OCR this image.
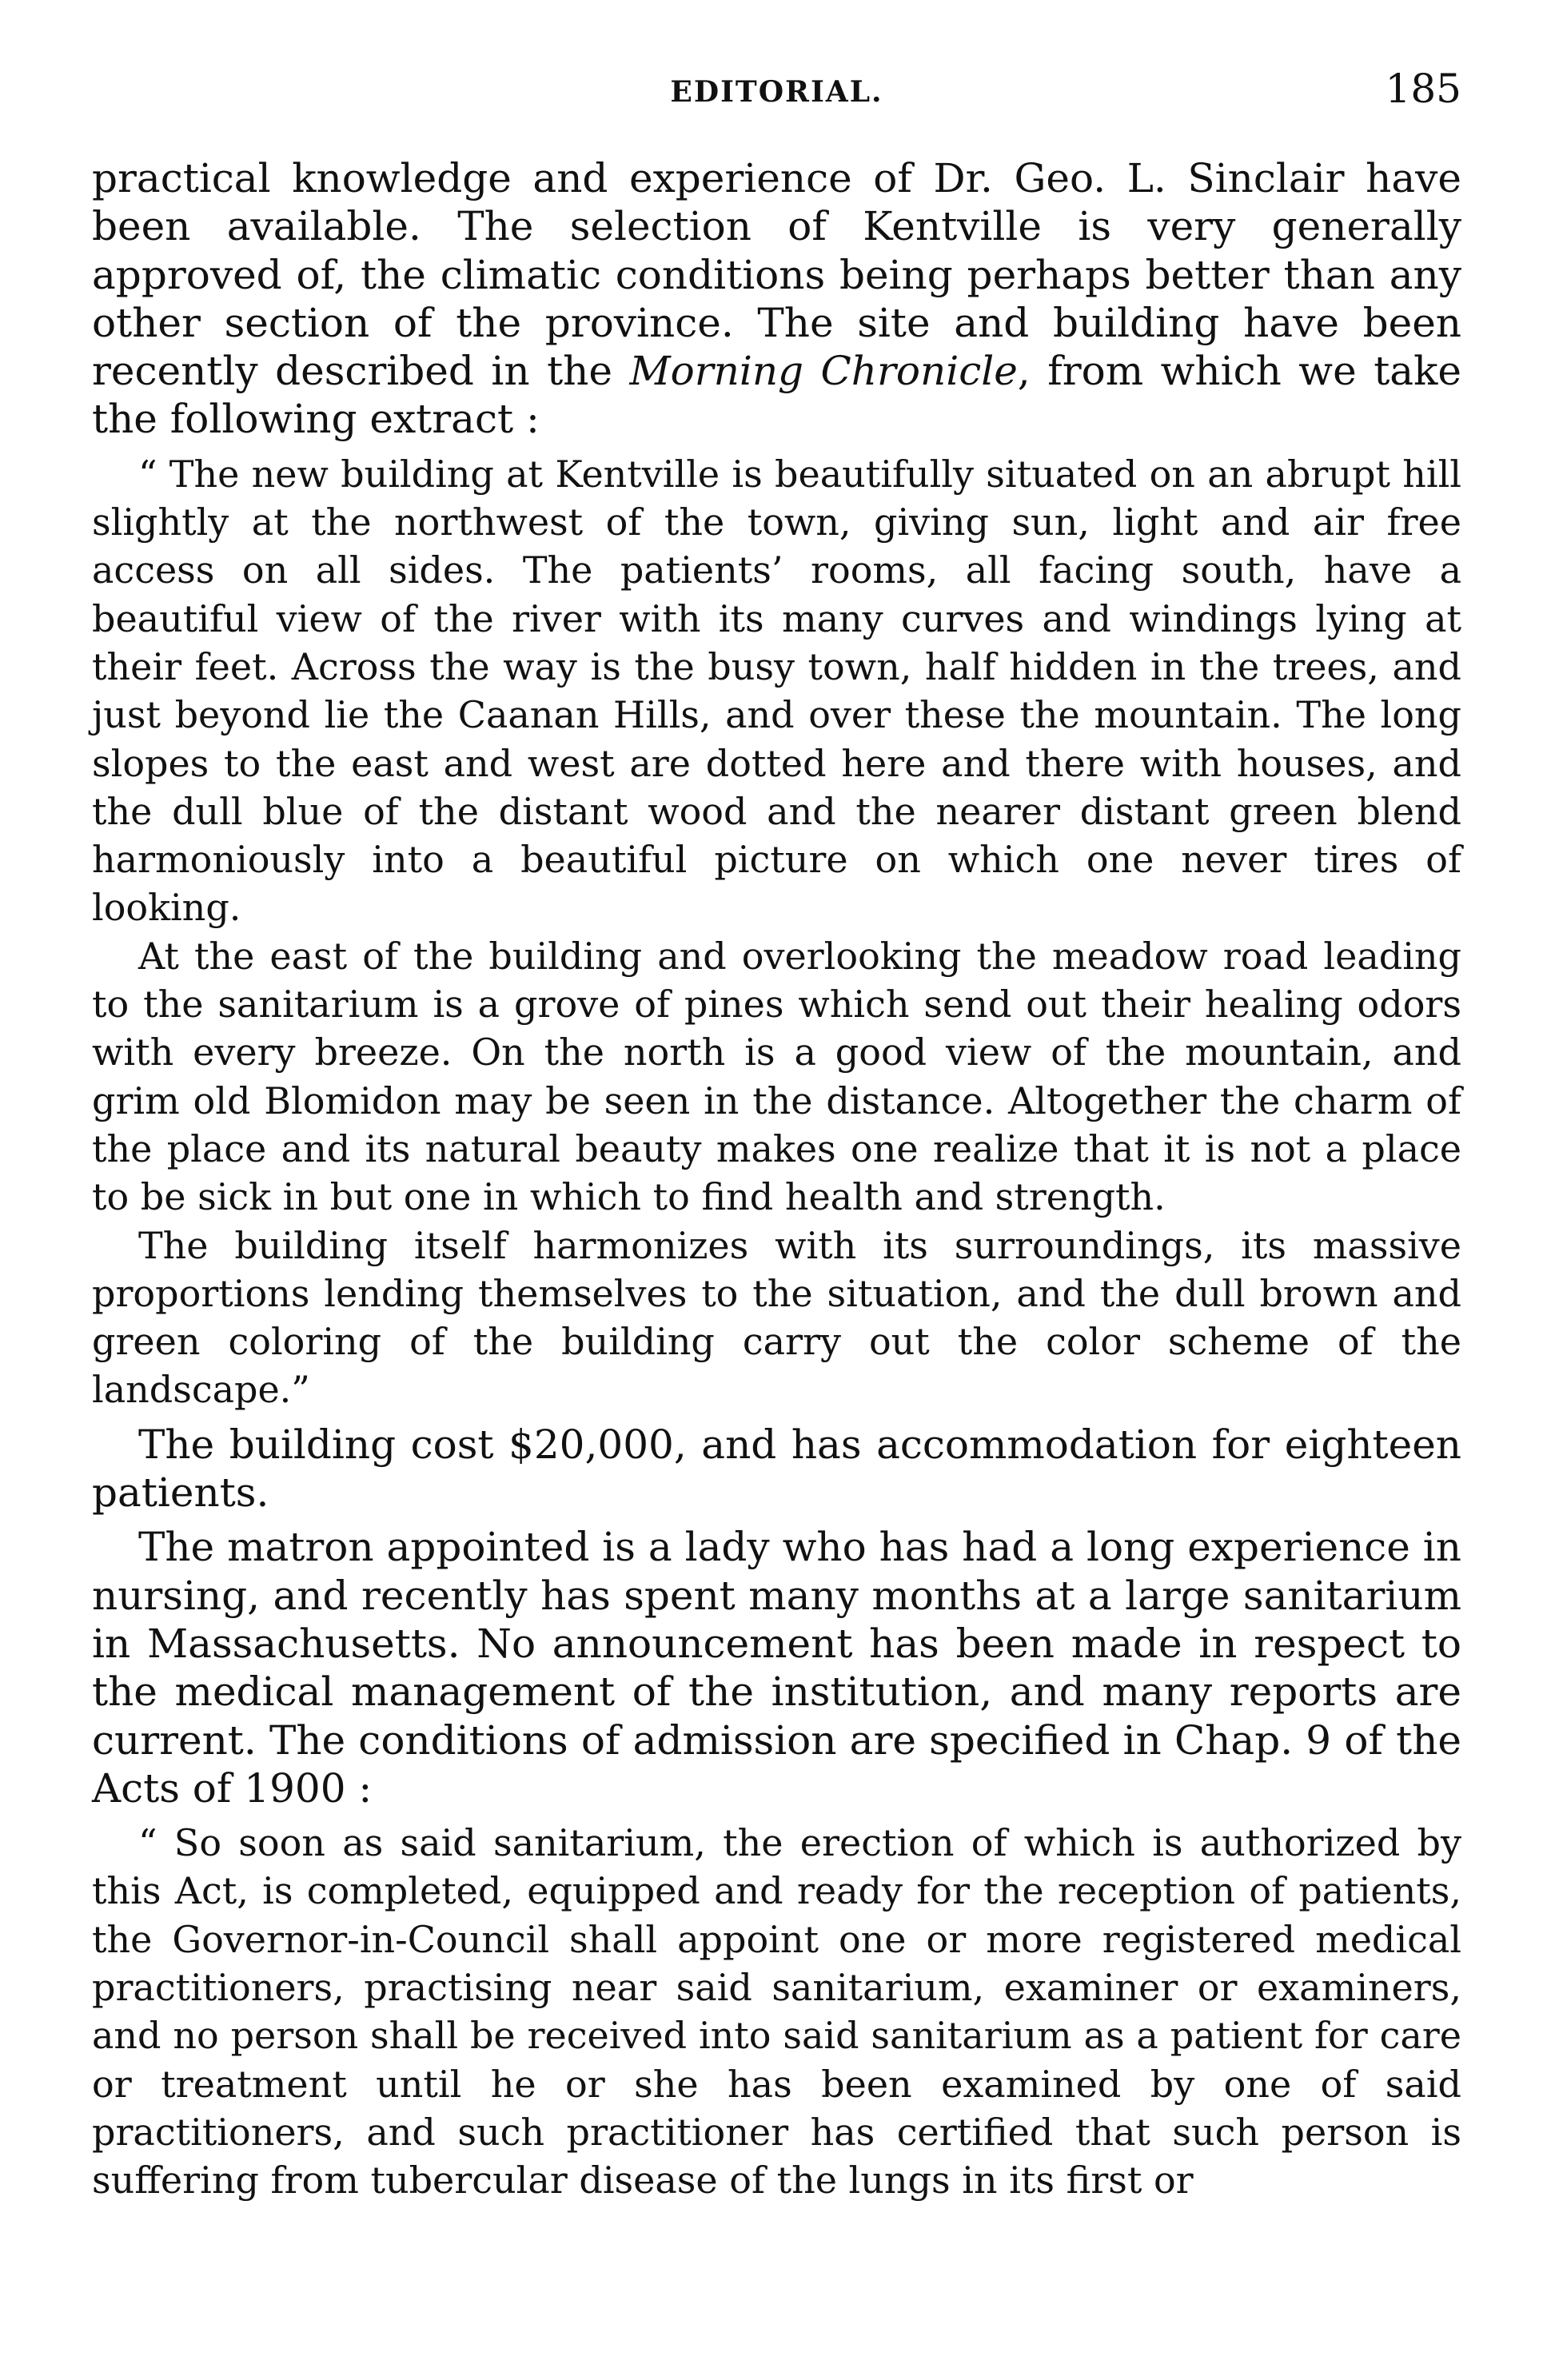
EDITORIAL.	185

practical knowledge and experience of Dr. Geo. L. Sinclair have been available. The selection of Kentville is very generally approved of, the climatic conditions being perhaps better than any other section of the province. The site and building have been recently described in the Morning Chronicle, from which we take the following extract :

“ The new building at Kentville is beautifully situated on an abrupt hill slightly at the northwest of the town, giving sun, light and air free access on all sides. The patients’ rooms, all facing south, have a beautiful view of the river with its many curves and windings lying at their feet. Across the way is the busy town, half hidden in the trees, and just beyond lie the Caanan Hills, and over these the mountain. The long slopes to the east and west are dotted here and there with houses, and the dull blue of the distant wood and the nearer distant green blend harmoniously into a beautiful picture on which one never tires of looking.

At the east of the building and overlooking the meadow road leading to the sanitarium is a grove of pines which send out their healing odors with every breeze. On the north is a good view of the mountain, and grim old Blomidon may be seen in the distance. Altogether the charm of the place and its natural beauty makes one realize that it is not a place to be sick in but one in which to find health and strength.

The building itself harmonizes with its surroundings, its massive proportions lending themselves to the situation, and the dull brown and green coloring of the building carry out the color scheme of the landscape.”

The building cost $20,000, and has accommodation for eighteen patients.

The matron appointed is a lady who has had a long experience in nursing, and recently has spent many months at a large sanitarium in Massachusetts. No announcement has been made in respect to the medical management of the institution, and many reports are current. The conditions of admission are specified in Chap. 9 of the Acts of 1900 :

“ So soon as said sanitarium, the erection of which is authorized by this Act, is completed, equipped and ready for the reception of patients, the Governor-in-Council shall appoint one or more registered medical practitioners, practising near said sanitarium, examiner or examiners, and no person shall be received into said sanitarium as a patient for care or treatment until he or she has been examined by one of said practitioners, and such practitioner has certified that such person is suffering from tubercular disease of the lungs in its first or
